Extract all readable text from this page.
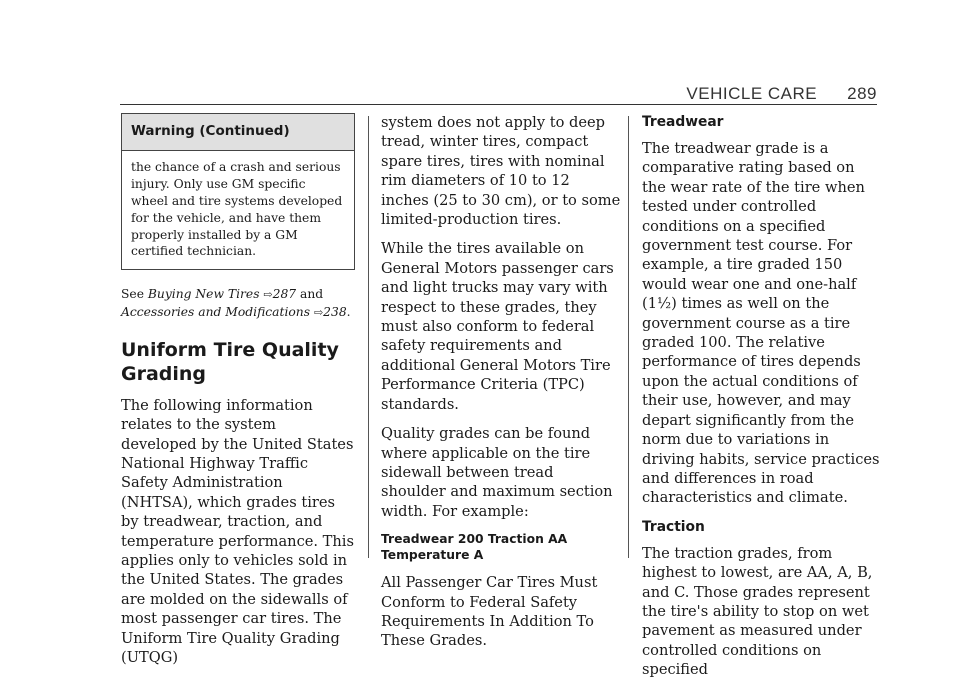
VEHICLE CARE 289
Warning (Continued)
the chance of a crash and serious injury. Only use GM specific wheel and tire systems developed for the vehicle, and have them properly installed by a GM certified technician.

See Buying New Tires ⇨287 and Accessories and Modifications ⇨238.

Uniform Tire Quality Grading

The following information relates to the system developed by the United States National Highway Traffic Safety Administration (NHTSA), which grades tires by treadwear, traction, and temperature performance. This applies only to vehicles sold in the United States. The grades are molded on the sidewalls of most passenger car tires. The Uniform Tire Quality Grading (UTQG)

system does not apply to deep tread, winter tires, compact spare tires, tires with nominal rim diameters of 10 to 12 inches (25 to 30 cm), or to some limited-production tires.

While the tires available on General Motors passenger cars and light trucks may vary with respect to these grades, they must also conform to federal safety requirements and additional General Motors Tire Performance Criteria (TPC) standards.

Quality grades can be found where applicable on the tire sidewall between tread shoulder and maximum section width. For example:

Treadwear 200 Traction AA Temperature A

All Passenger Car Tires Must Conform to Federal Safety Requirements In Addition To These Grades.

Treadwear

The treadwear grade is a comparative rating based on the wear rate of the tire when tested under controlled conditions on a specified government test course. For example, a tire graded 150 would wear one and one-half (1½) times as well on the government course as a tire graded 100. The relative performance of tires depends upon the actual conditions of their use, however, and may depart significantly from the norm due to variations in driving habits, service practices and differences in road characteristics and climate.

Traction

The traction grades, from highest to lowest, are AA, A, B, and C. Those grades represent the tire's ability to stop on wet pavement as measured under controlled conditions on specified
